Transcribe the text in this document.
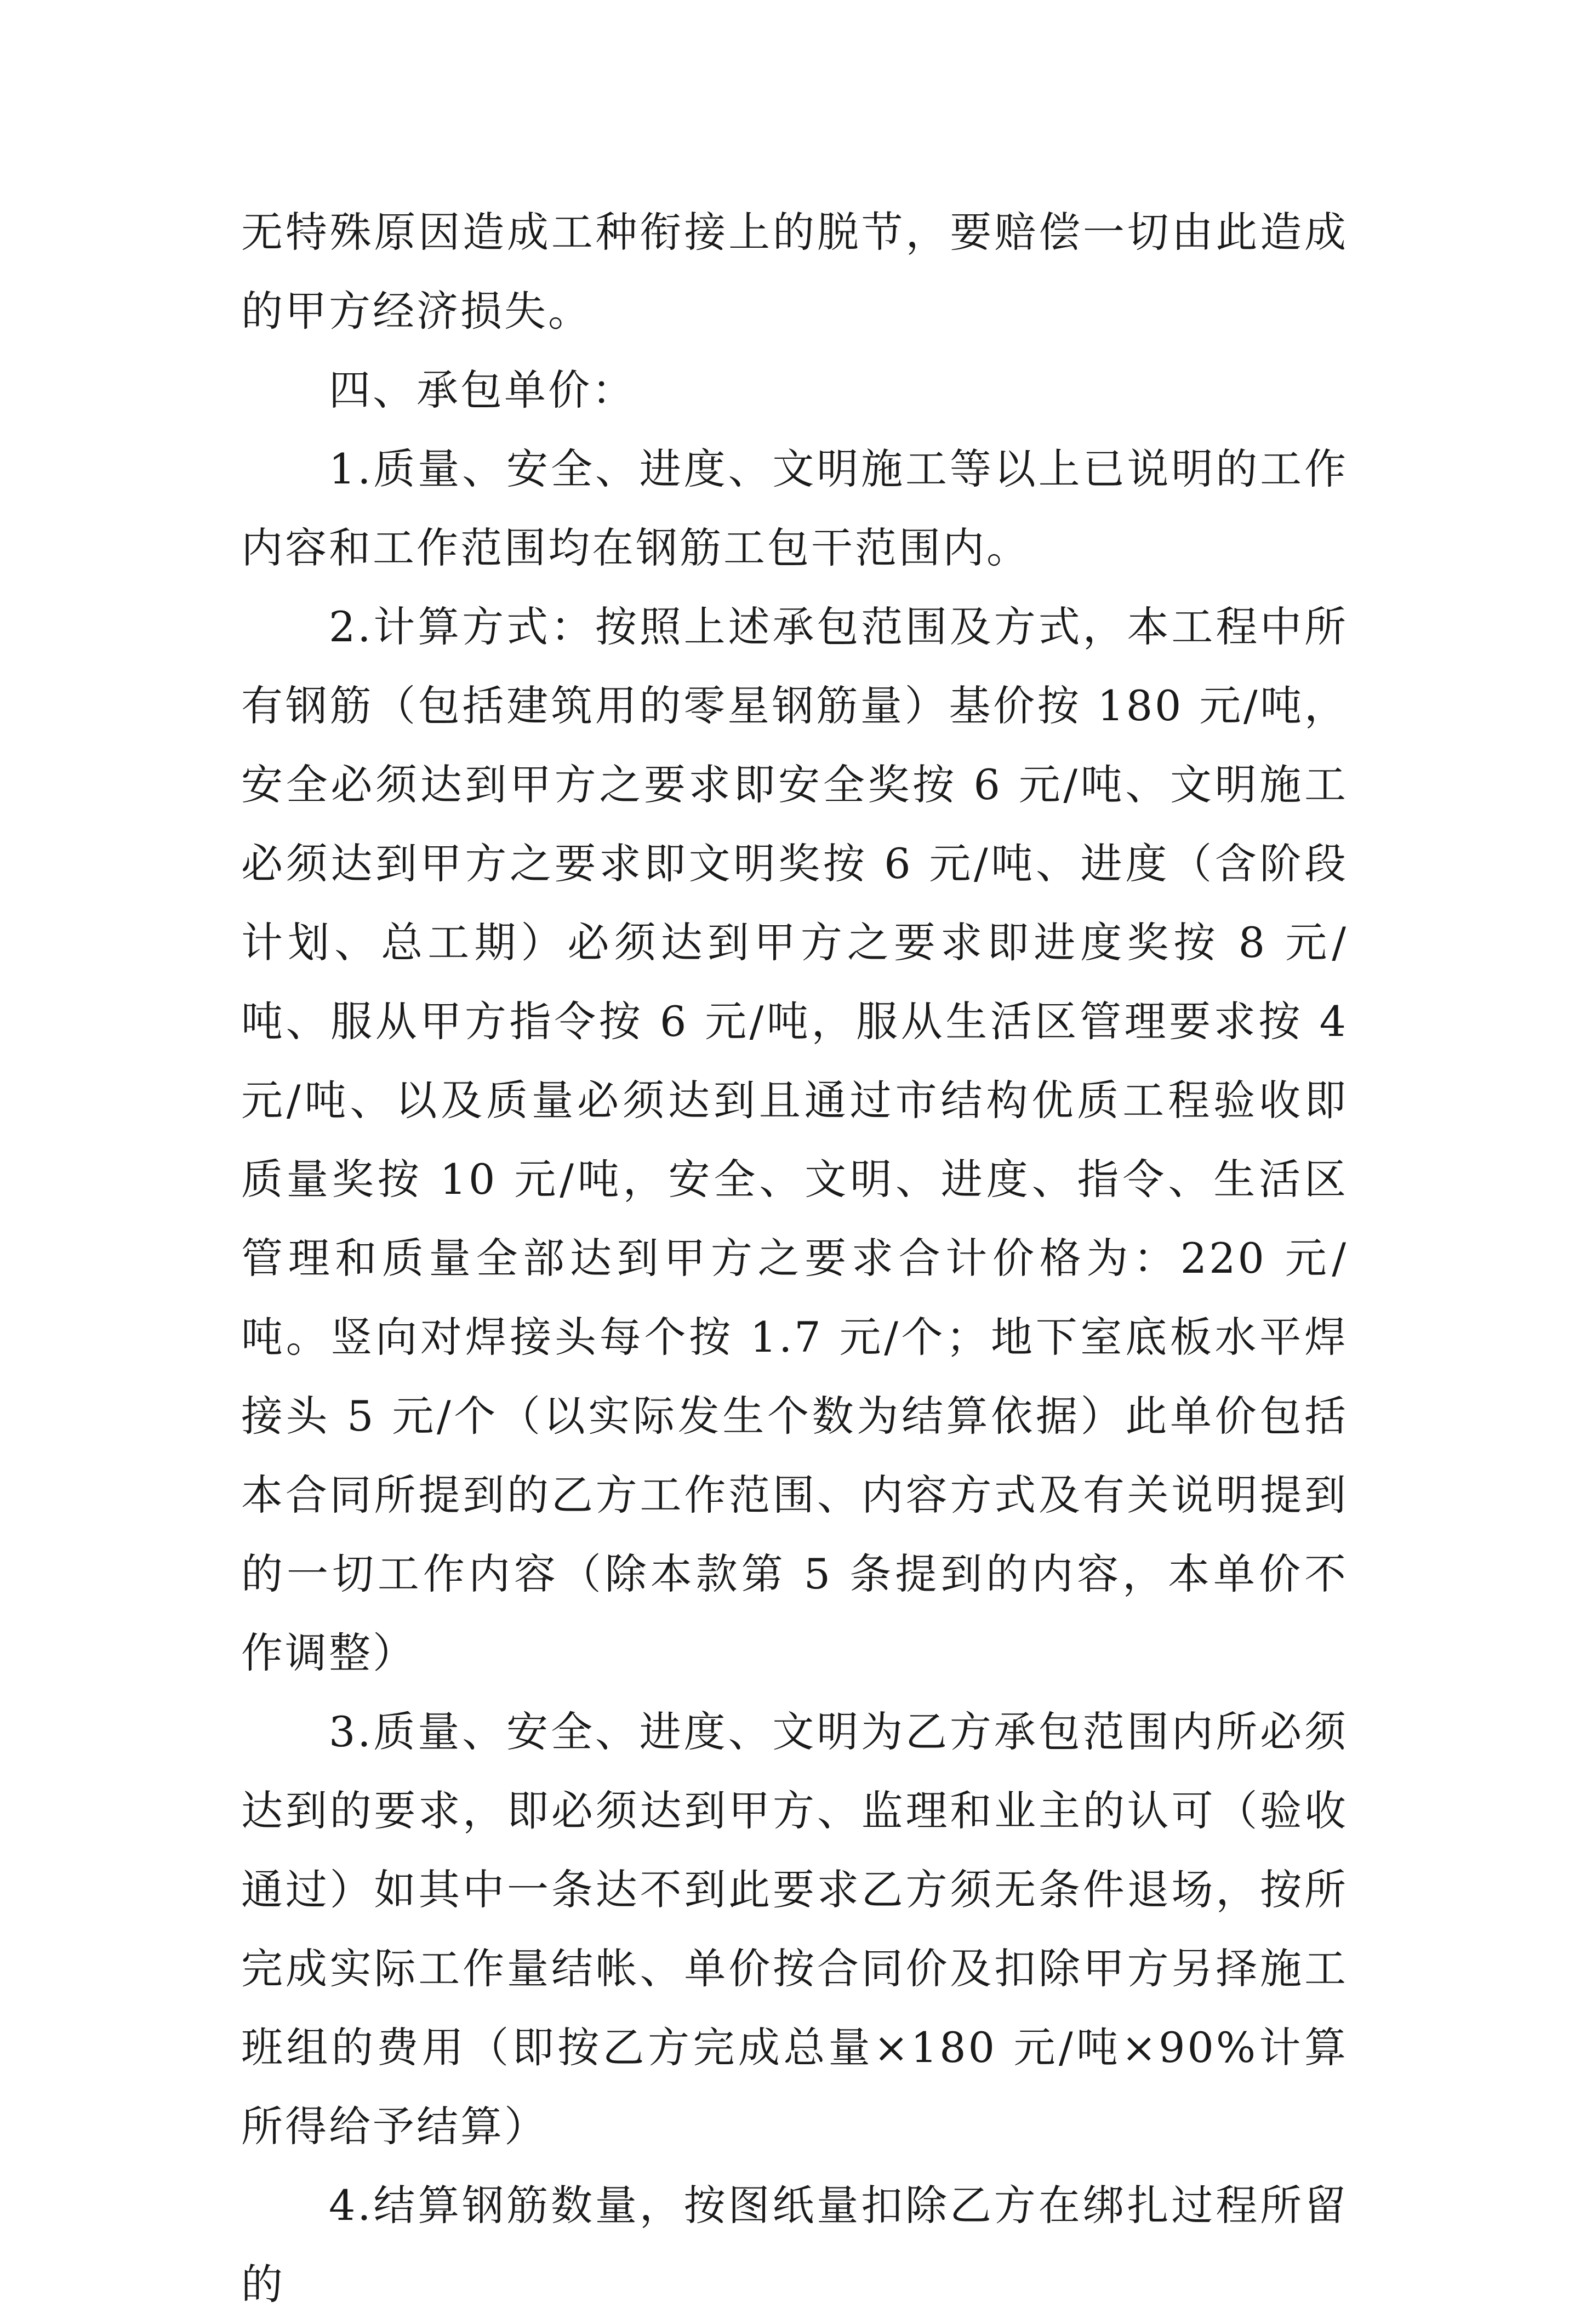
无特殊原因造成工种衔接上的脱节，要赔偿一切由此造成的甲方经济损失。

四、承包单价：

1.质量、安全、进度、文明施工等以上已说明的工作内容和工作范围均在钢筋工包干范围内。

2.计算方式：按照上述承包范围及方式，本工程中所有钢筋（包括建筑用的零星钢筋量）基价按 180 元/吨，安全必须达到甲方之要求即安全奖按 6 元/吨、文明施工必须达到甲方之要求即文明奖按 6 元/吨、进度（含阶段计划、总工期）必须达到甲方之要求即进度奖按 8 元/吨、服从甲方指令按 6 元/吨，服从生活区管理要求按 4 元/吨、以及质量必须达到且通过市结构优质工程验收即质量奖按 10 元/吨，安全、文明、进度、指令、生活区管理和质量全部达到甲方之要求合计价格为：220 元/吨。竖向对焊接头每个按 1.7 元/个；地下室底板水平焊接头 5 元/个（以实际发生个数为结算依据）此单价包括本合同所提到的乙方工作范围、内容方式及有关说明提到的一切工作内容（除本款第 5 条提到的内容，本单价不作调整）

3.质量、安全、进度、文明为乙方承包范围内所必须达到的要求，即必须达到甲方、监理和业主的认可（验收通过）如其中一条达不到此要求乙方须无条件退场，按所完成实际工作量结帐、单价按合同价及扣除甲方另择施工班组的费用（即按乙方完成总量×180 元/吨×90%计算所得给予结算）

4.结算钢筋数量，按图纸量扣除乙方在绑扎过程所留的
